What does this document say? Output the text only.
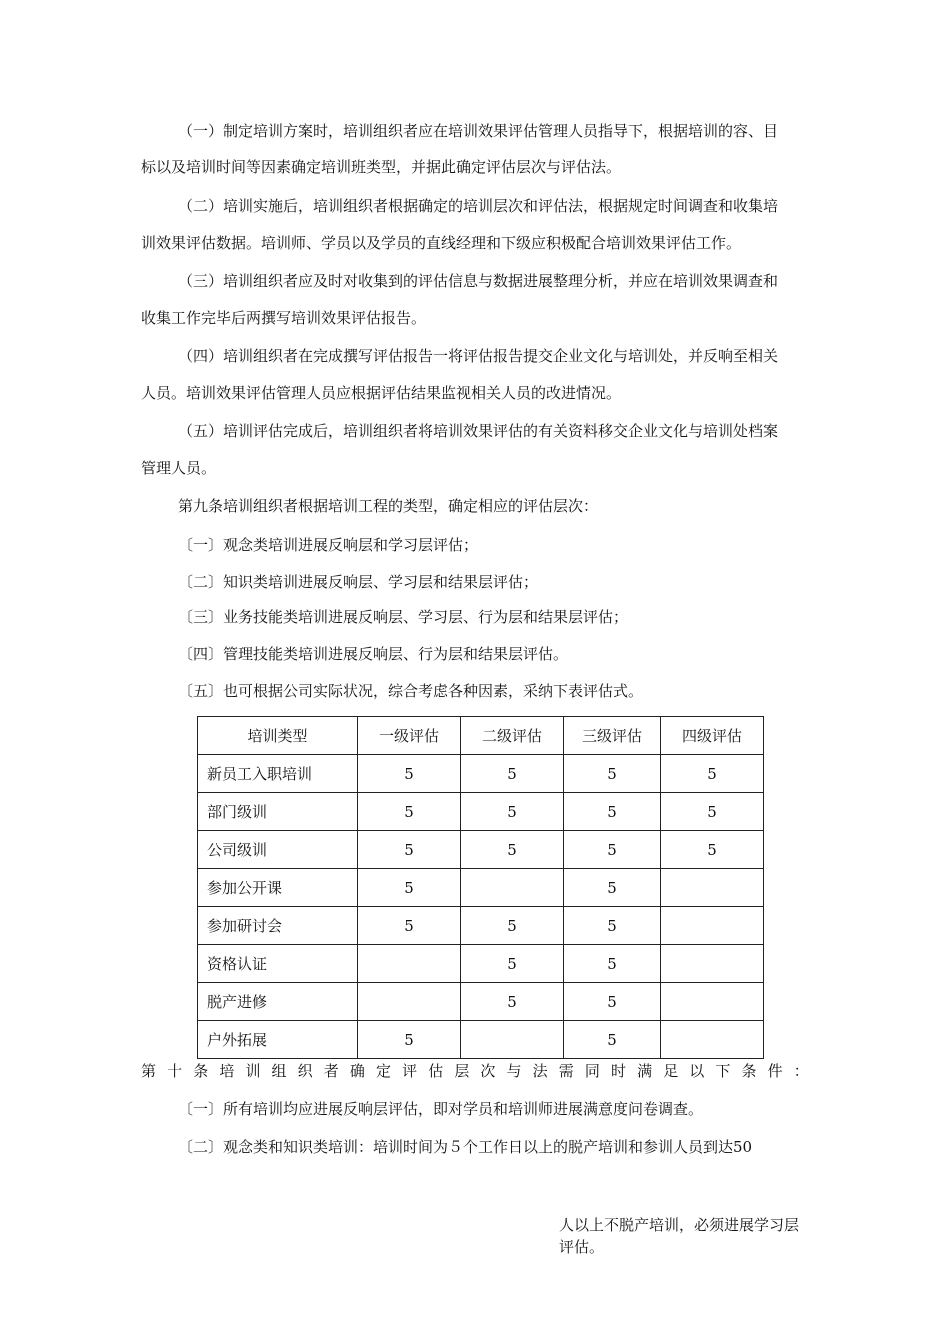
（一）制定培训方案时，培训组织者应在培训效果评估管理人员指导下，根据培训的容、目

标以及培训时间等因素确定培训班类型，并据此确定评估层次与评估法。

（二）培训实施后，培训组织者根据确定的培训层次和评估法，根据规定时间调查和收集培

训效果评估数据。培训师、学员以及学员的直线经理和下级应积极配合培训效果评估工作。

（三）培训组织者应及时对收集到的评估信息与数据进展整理分析，并应在培训效果调查和

收集工作完毕后两撰写培训效果评估报告。

（四）培训组织者在完成撰写评估报告一将评估报告提交企业文化与培训处，并反响至相关

人员。培训效果评估管理人员应根据评估结果监视相关人员的改进情况。

（五）培训评估完成后，培训组织者将培训效果评估的有关资料移交企业文化与培训处档案

管理人员。

第九条培训组织者根据培训工程的类型，确定相应的评估层次：

〔一〕观念类培训进展反响层和学习层评估；

〔二〕知识类培训进展反响层、学习层和结果层评估；

〔三〕业务技能类培训进展反响层、学习层、行为层和结果层评估；

〔四〕管理技能类培训进展反响层、行为层和结果层评估。

〔五〕也可根据公司实际状况，综合考虑各种因素，采纳下表评估式。

培训类型	一级评估	二级评估	三级评估	四级评估
新员工入职培训	5	5	5	5
部门级训	5	5	5	5
公司级训	5	5	5	5
参加公开课	5		5	
参加研讨会	5	5	5	
资格认证		5	5	
脱产进修		5	5	
户外拓展	5		5	
第 十 条 培 训 组 织 者 确 定 评 估 层 次 与 法 需 同 时 满 足 以 下 条 件 ：

〔一〕所有培训均应进展反响层评估，即对学员和培训师进展满意度问卷调查。

〔二〕观念类和知识类培训：培训时间为５个工作日以上的脱产培训和参训人员到达50

人以上不脱产培训，必须进展学习层
评估。
